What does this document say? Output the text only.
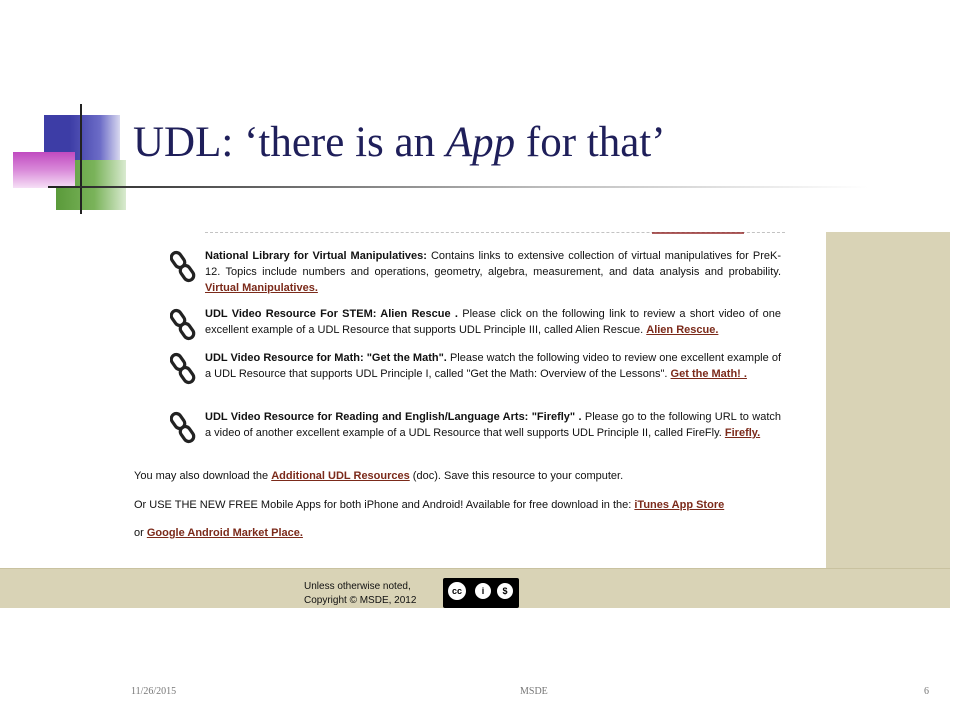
UDL: ‘there is an App for that’
National Library for Virtual Manipulatives: Contains links to extensive collection of virtual manipulatives for PreK-12. Topics include numbers and operations, geometry, algebra, measurement, and data analysis and probability. Virtual Manipulatives.
UDL Video Resource For STEM: Alien Rescue . Please click on the following link to review a short video of one excellent example of a UDL Resource that supports UDL Principle III, called Alien Rescue. Alien Rescue.
UDL Video Resource for Math: "Get the Math". Please watch the following video to review one excellent example of a UDL Resource that supports UDL Principle I, called "Get the Math: Overview of the Lessons". Get the Math! .
UDL Video Resource for Reading and English/Language Arts: "Firefly" . Please go to the following URL to watch a video of another excellent example of a UDL Resource that well supports UDL Principle II, called FireFly. Firefly.
You may also download the Additional UDL Resources (doc). Save this resource to your computer.
Or USE THE NEW FREE Mobile Apps for both iPhone and Android! Available for free download in the: iTunes App Store
or Google Android Market Place.
Unless otherwise noted,
Copyright © MSDE, 2012
cc i $
11/26/2015	MSDE	6
